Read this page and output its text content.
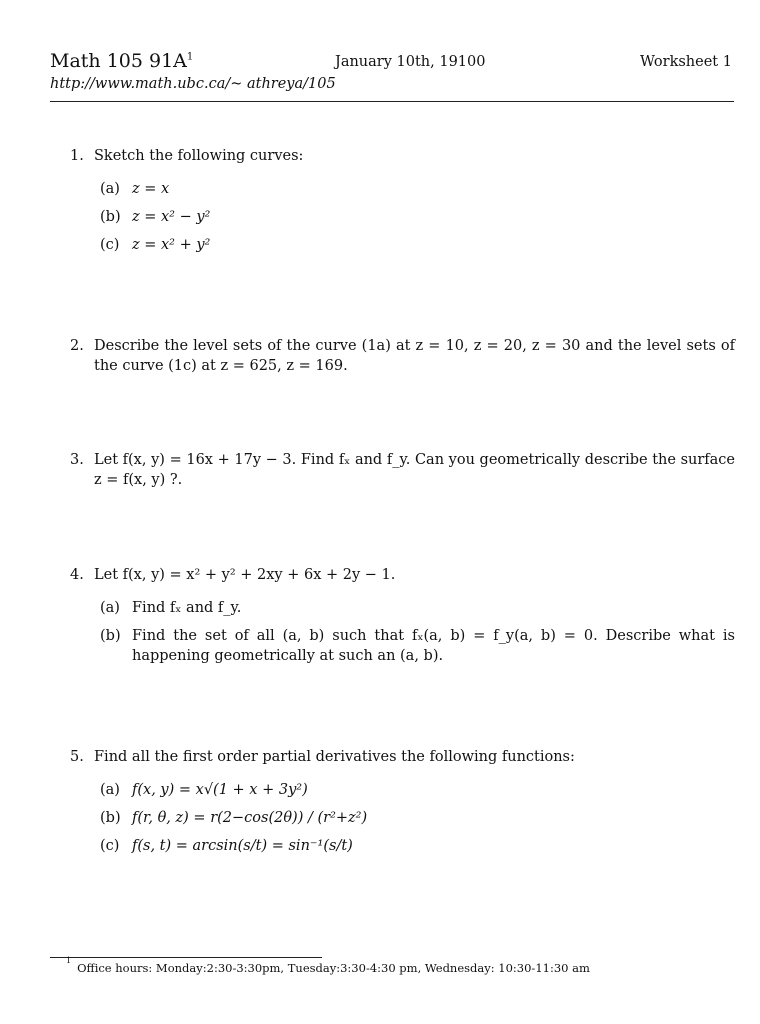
Math 105 $91A^1$	January 10th, 19100	Worksheet 1
http://www.math.ubc.ca/~ athreya/105
1. Sketch the following curves:
(a) z = x
(b) z = x² − y²
(c) z = x² + y²
2. Describe the level sets of the curve (1a) at z = 10, z = 20, z = 30 and the level sets of the curve (1c) at z = 625, z = 169.
3. Let f(x, y) = 16x + 17y − 3. Find fₓ and f_y. Can you geometrically describe the surface z = f(x, y) ?.
4. Let f(x, y) = x² + y² + 2xy + 6x + 2y − 1.
(a) Find fₓ and f_y.
(b) Find the set of all (a, b) such that fₓ(a, b) = f_y(a, b) = 0. Describe what is happening geometrically at such an (a, b).
5. Find all the first order partial derivatives the following functions:
(a) f(x, y) = x√(1 + x + 3y²)
(b) f(r, θ, z) = r(2−cos(2θ)) / (r²+z²)
(c) f(s, t) = arcsin(s/t) = sin⁻¹(s/t)
$^1$Office hours: Monday:2:30-3:30pm, Tuesday:3:30-4:30 pm, Wednesday: 10:30-11:30 am
